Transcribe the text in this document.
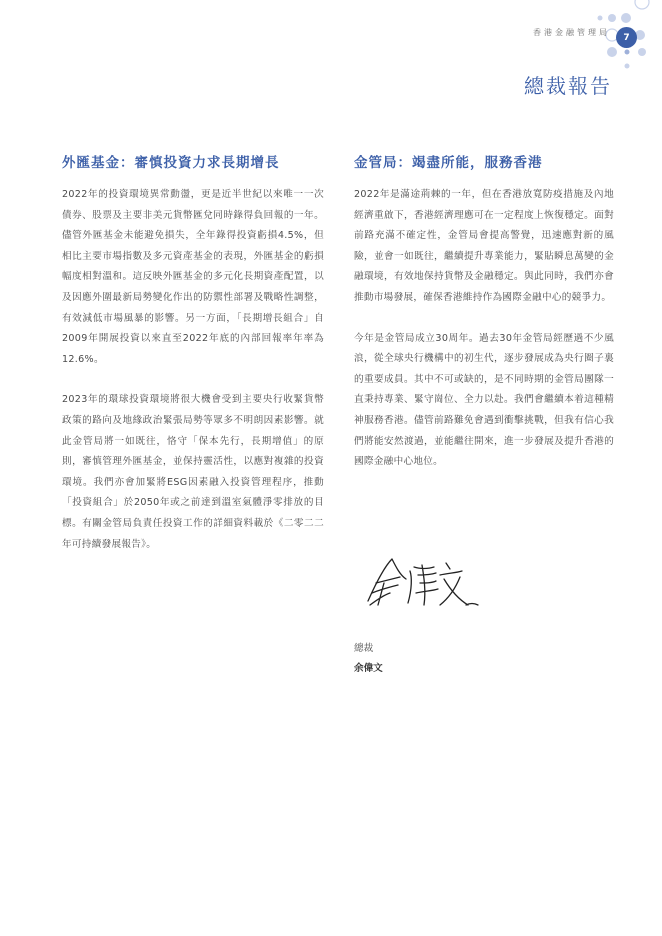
香港金融管理局	7
總裁報告
外匯基金：審慎投資力求長期增長

2022年的投資環境異常動盪，更是近半世紀以來唯一一次債券、股票及主要非美元貨幣匯兌同時錄得負回報的一年。儘管外匯基金未能避免損失，全年錄得投資虧損4.5%，但相比主要市場指數及多元資產基金的表現，外匯基金的虧損幅度相對溫和。這反映外匯基金的多元化長期資產配置，以及因應外圍最新局勢變化作出的防禦性部署及戰略性調整，有效減低市場風暴的影響。另一方面，「長期增長組合」自2009年開展投資以來直至2022年底的內部回報率年率為12.6%。

2023年的環球投資環境將很大機會受到主要央行收緊貨幣政策的路向及地緣政治緊張局勢等眾多不明朗因素影響。就此金管局將一如既往，恪守「保本先行，長期增值」的原則，審慎管理外匯基金，並保持靈活性，以應對複雜的投資環境。我們亦會加緊將ESG因素融入投資管理程序，推動「投資組合」於2050年或之前達到溫室氣體淨零排放的目標。有關金管局負責任投資工作的詳細資料載於《二零二二年可持續發展報告》。

金管局：竭盡所能，服務香港

2022年是滿途荊棘的一年，但在香港放寬防疫措施及內地經濟重啟下，香港經濟理應可在一定程度上恢復穩定。面對前路充滿不確定性，金管局會提高警覺，迅速應對新的風險，並會一如既往，繼續提升專業能力，緊貼瞬息萬變的金融環境，有效地保持貨幣及金融穩定。與此同時，我們亦會推動市場發展，確保香港維持作為國際金融中心的競爭力。

今年是金管局成立30周年。過去30年金管局經歷過不少風浪，從全球央行機構中的初生代，逐步發展成為央行圈子裏的重要成員。其中不可或缺的，是不同時期的金管局團隊一直秉持專業、緊守崗位、全力以赴。我們會繼續本着這種精神服務香港。儘管前路難免會遇到衝擊挑戰，但我有信心我們將能安然渡過，並能繼往開來，進一步發展及提升香港的國際金融中心地位。

總裁
余偉文
